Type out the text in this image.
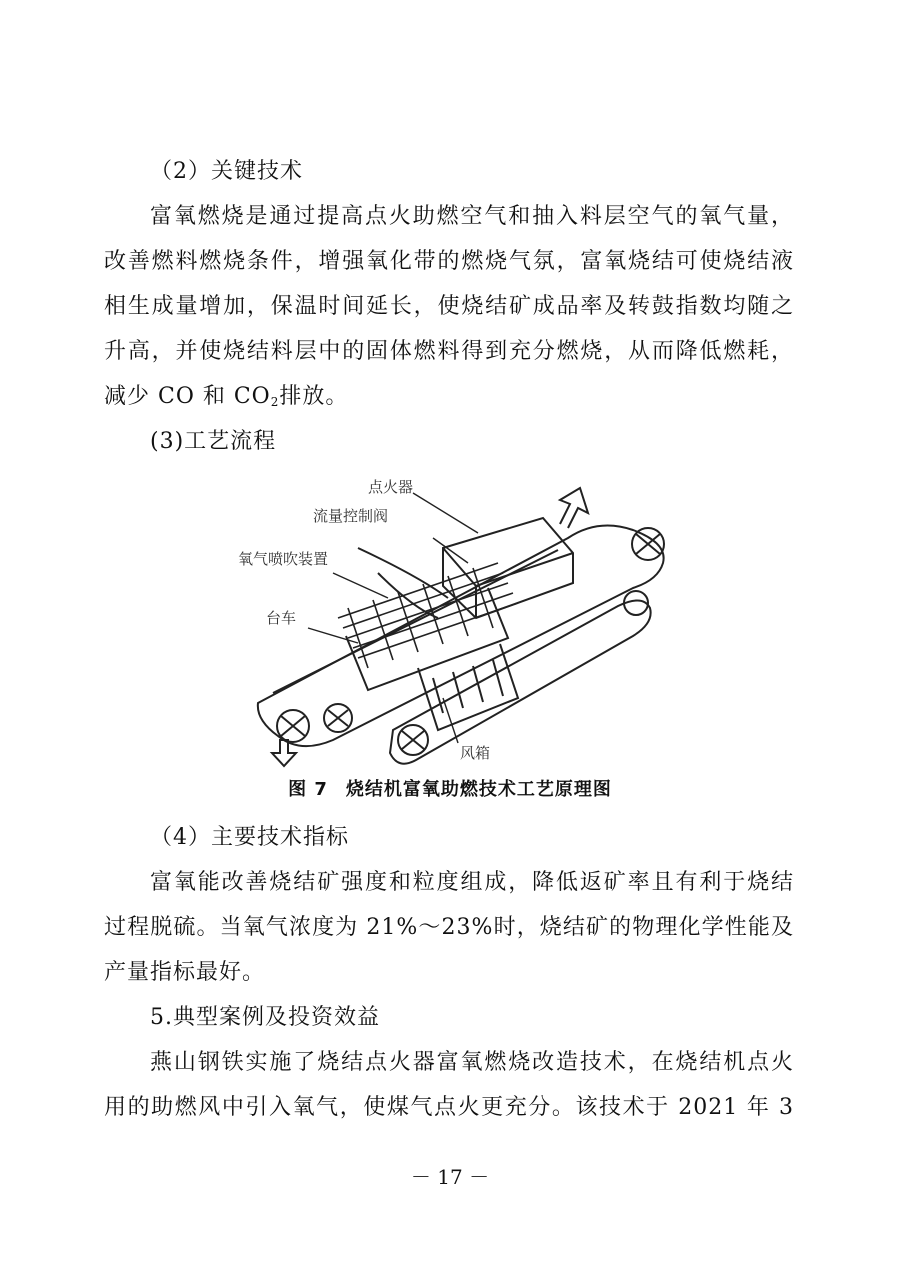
（2）关键技术
富氧燃烧是通过提高点火助燃空气和抽入料层空气的氧气量，
改善燃料燃烧条件，增强氧化带的燃烧气氛，富氧烧结可使烧结液
相生成量增加，保温时间延长，使烧结矿成品率及转鼓指数均随之
升高，并使烧结料层中的固体燃料得到充分燃烧，从而降低燃耗，
减少 CO 和 $CO_2$排放。
(3)工艺流程
点火器
流量控制阀
氧气喷吹装置
台车
风箱
图 7 烧结机富氧助燃技术工艺原理图
（4）主要技术指标
富氧能改善烧结矿强度和粒度组成，降低返矿率且有利于烧结
过程脱硫。当氧气浓度为 21%～23%时，烧结矿的物理化学性能及
产量指标最好。
5.典型案例及投资效益
燕山钢铁实施了烧结点火器富氧燃烧改造技术，在烧结机点火
用的助燃风中引入氧气，使煤气点火更充分。该技术于 2021 年 3
－ 17 －
